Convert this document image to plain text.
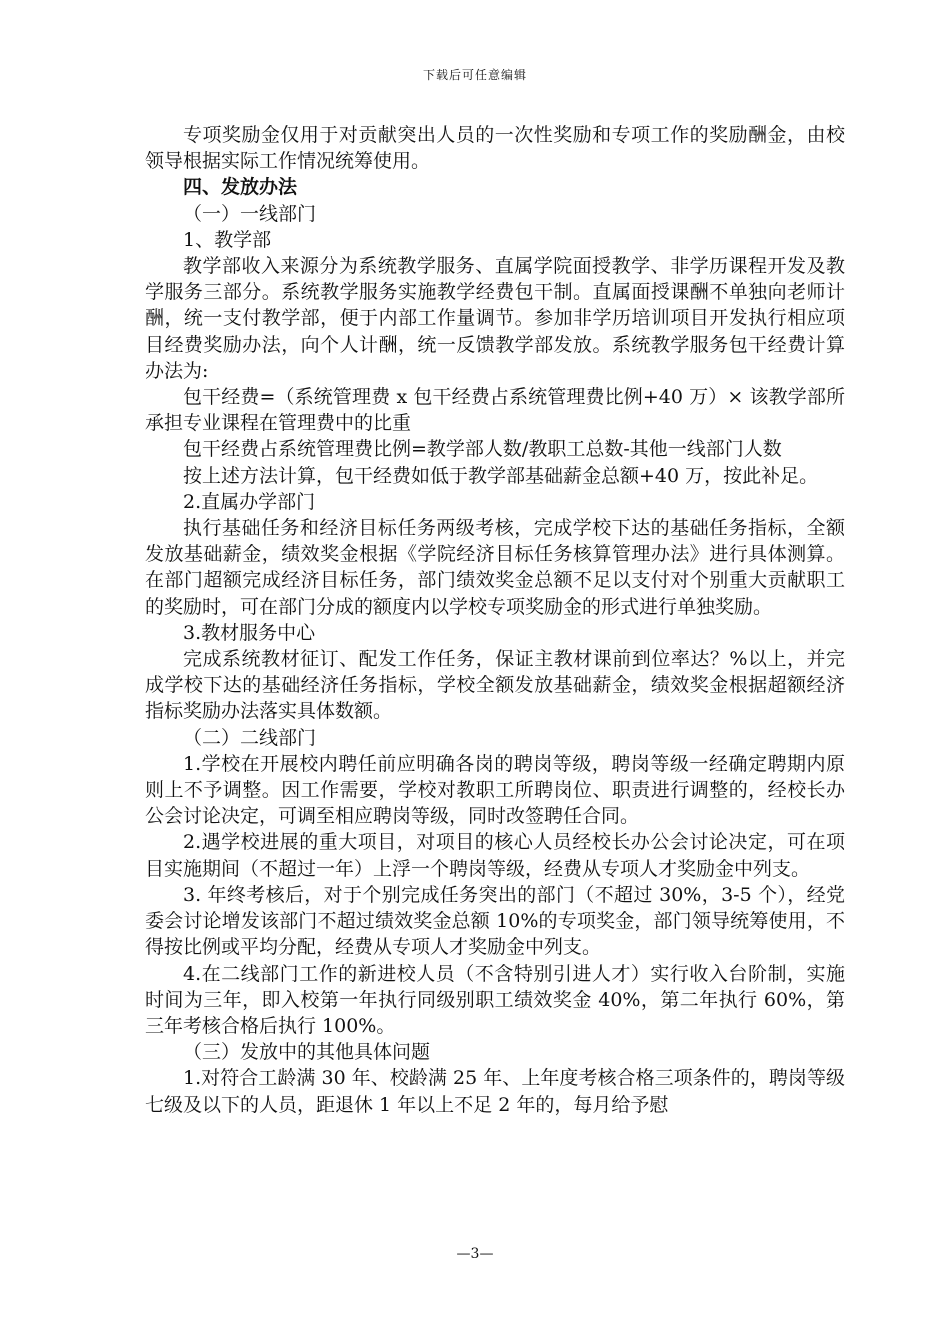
下载后可任意编辑

专项奖励金仅用于对贡献突出人员的一次性奖励和专项工作的奖励酬金，由校领导根据实际工作情况统筹使用。

四、发放办法

（一）一线部门

1、教学部

教学部收入来源分为系统教学服务、直属学院面授教学、非学历课程开发及教学服务三部分。系统教学服务实施教学经费包干制。直属面授课酬不单独向老师计酬，统一支付教学部，便于内部工作量调节。参加非学历培训项目开发执行相应项目经费奖励办法，向个人计酬，统一反馈教学部发放。系统教学服务包干经费计算办法为:

包干经费=（系统管理费 x 包干经费占系统管理费比例+40 万）× 该教学部所承担专业课程在管理费中的比重

包干经费占系统管理费比例=教学部人数/教职工总数-其他一线部门人数

按上述方法计算，包干经费如低于教学部基础薪金总额+40 万，按此补足。

2.直属办学部门

执行基础任务和经济目标任务两级考核，完成学校下达的基础任务指标，全额发放基础薪金，绩效奖金根据《学院经济目标任务核算管理办法》进行具体测算。在部门超额完成经济目标任务，部门绩效奖金总额不足以支付对个别重大贡献职工的奖励时，可在部门分成的额度内以学校专项奖励金的形式进行单独奖励。

3.教材服务中心

完成系统教材征订、配发工作任务，保证主教材课前到位率达？%以上，并完成学校下达的基础经济任务指标，学校全额发放基础薪金，绩效奖金根据超额经济指标奖励办法落实具体数额。

（二）二线部门

1.学校在开展校内聘任前应明确各岗的聘岗等级，聘岗等级一经确定聘期内原则上不予调整。因工作需要，学校对教职工所聘岗位、职责进行调整的，经校长办公会讨论决定，可调至相应聘岗等级，同时改签聘任合同。

2.遇学校进展的重大项目，对项目的核心人员经校长办公会讨论决定，可在项目实施期间（不超过一年）上浮一个聘岗等级，经费从专项人才奖励金中列支。

3. 年终考核后，对于个别完成任务突出的部门（不超过 30%，3-5 个），经党委会讨论增发该部门不超过绩效奖金总额 10%的专项奖金，部门领导统筹使用，不得按比例或平均分配，经费从专项人才奖励金中列支。

4.在二线部门工作的新进校人员（不含特别引进人才）实行收入台阶制，实施时间为三年，即入校第一年执行同级别职工绩效奖金 40%，第二年执行 60%，第三年考核合格后执行 100%。

（三）发放中的其他具体问题

1.对符合工龄满 30 年、校龄满 25 年、上年度考核合格三项条件的，聘岗等级七级及以下的人员，距退休 1 年以上不足 2 年的，每月给予慰

—3—
